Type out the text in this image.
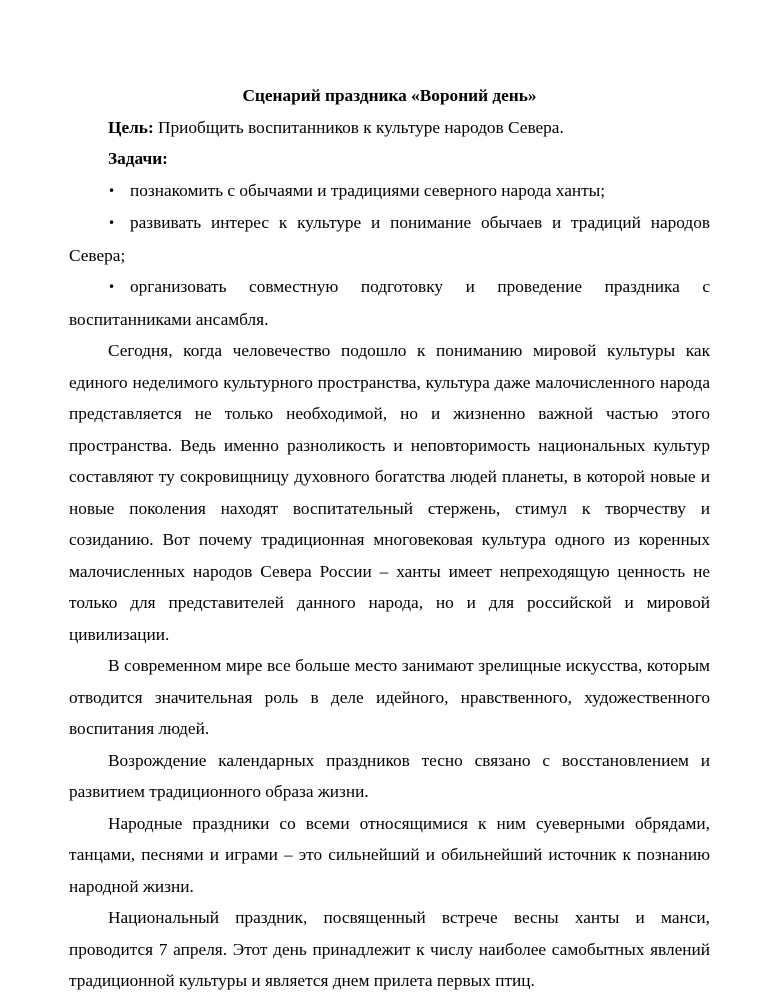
Сценарий праздника «Вороний день»

Цель: Приобщить воспитанников к культуре народов Севера.

Задачи:

• познакомить с обычаями и традициями северного народа ханты;
• развивать интерес к культуре и понимание обычаев и традиций народов Севера;
• организовать совместную подготовку и проведение праздника с воспитанниками ансамбля.

Сегодня, когда человечество подошло к пониманию мировой культуры как единого неделимого культурного пространства, культура даже малочисленного народа представляется не только необходимой, но и жизненно важной частью этого пространства. Ведь именно разноликость и неповторимость национальных культур составляют ту сокровищницу духовного богатства людей планеты, в которой новые и новые поколения находят воспитательный стержень, стимул к творчеству и созиданию. Вот почему традиционная многовековая культура одного из коренных малочисленных народов Севера России – ханты имеет непреходящую ценность не только для представителей данного народа, но и для российской и мировой цивилизации.

В современном мире все больше место занимают зрелищные искусства, которым отводится значительная роль в деле идейного, нравственного, художественного воспитания людей.

Возрождение календарных праздников тесно связано с восстановлением и развитием традиционного образа жизни.

Народные праздники со всеми относящимися к ним суеверными обрядами, танцами, песнями и играми – это сильнейший и обильнейший источник к познанию народной жизни.

Национальный праздник, посвященный встрече весны ханты и манси, проводится 7 апреля. Этот день принадлежит к числу наиболее самобытных явлений традиционной культуры и является днем прилета первых птиц.
